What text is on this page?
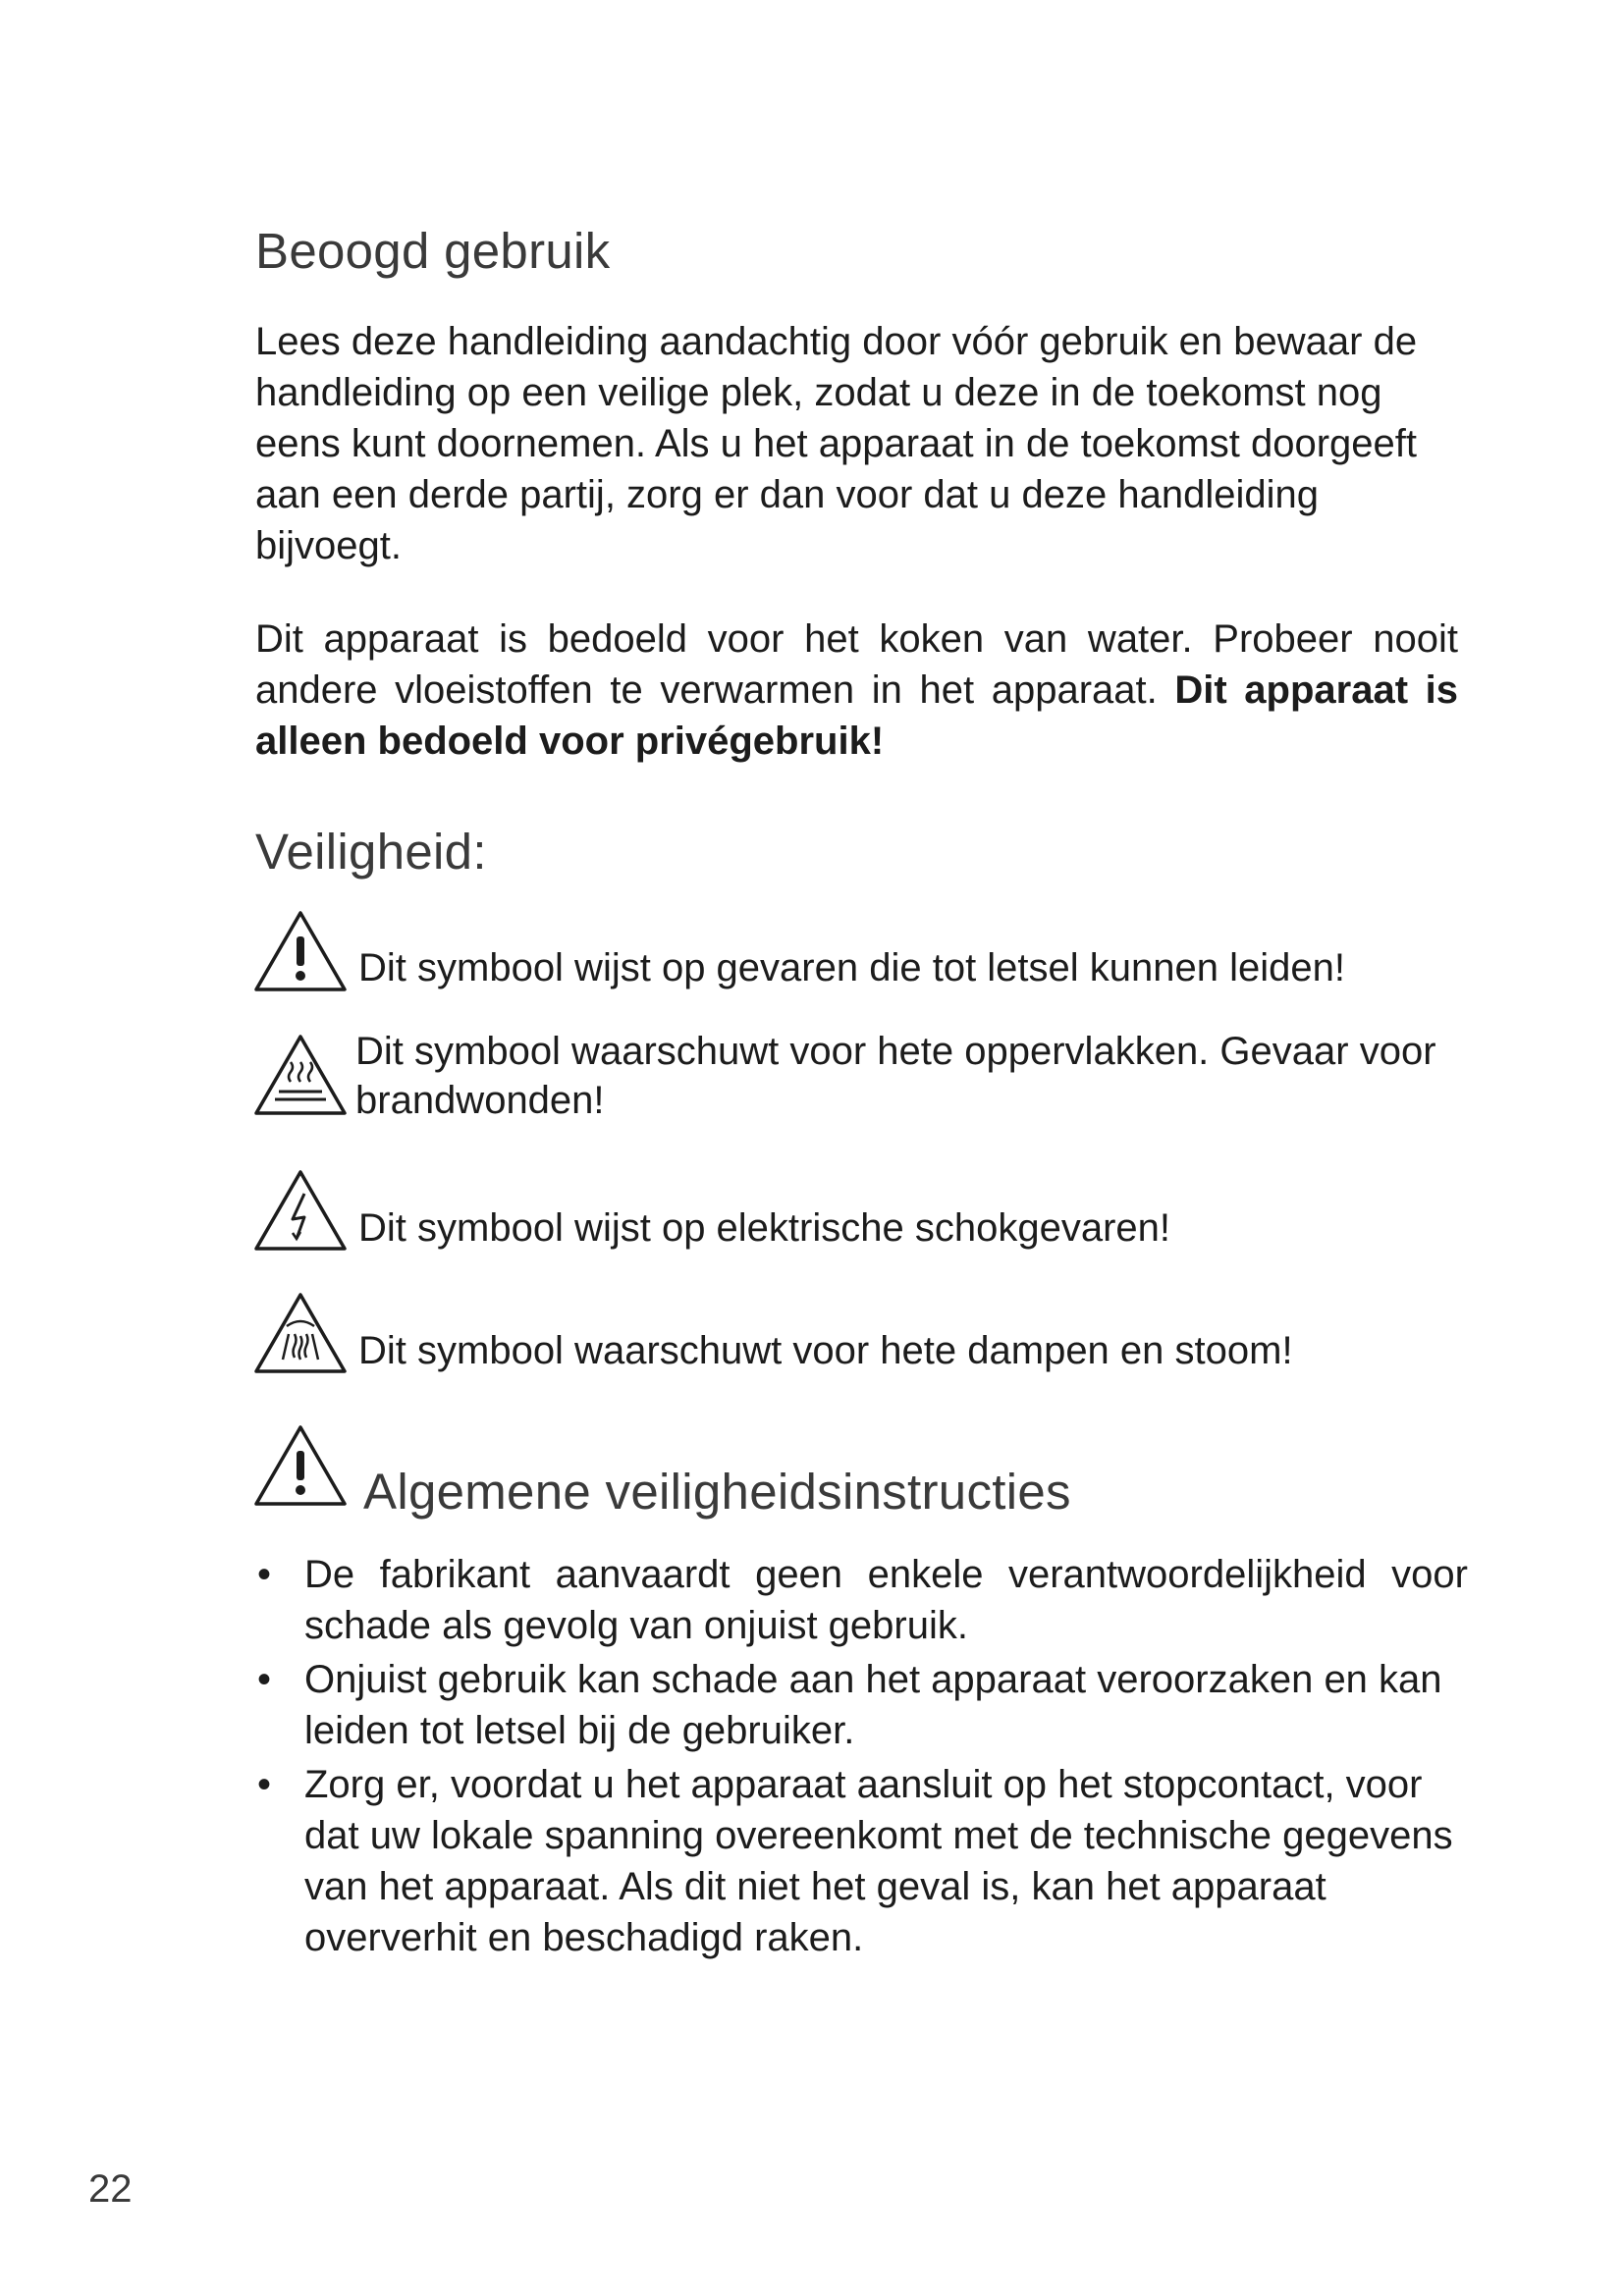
Beoogd gebruik

Lees deze handleiding aandachtig door vóór gebruik en bewaar de handleiding op een veilige plek, zodat u deze in de toekomst nog eens kunt doornemen. Als u het apparaat in de toekomst doorgeeft aan een derde partij, zorg er dan voor dat u deze handleiding bijvoegt.

Dit apparaat is bedoeld voor het koken van water. Probeer nooit andere vloeistoffen te verwarmen in het apparaat. Dit apparaat is alleen bedoeld voor privégebruik!

Veiligheid:

Dit symbool wijst op gevaren die tot letsel kunnen leiden!

Dit symbool waarschuwt voor hete oppervlakken. Gevaar voor brandwonden!

Dit symbool wijst op elektrische schokgevaren!

Dit symbool waarschuwt voor hete dampen en stoom!

Algemene veiligheidsinstructies
• De fabrikant aanvaardt geen enkele verantwoordelijkheid voor schade als gevolg van onjuist gebruik.
• Onjuist gebruik kan schade aan het apparaat veroorzaken en kan leiden tot letsel bij de gebruiker.
• Zorg er, voordat u het apparaat aansluit op het stopcontact, voor dat uw lokale spanning overeenkomt met de technische gegevens van het apparaat. Als dit niet het geval is, kan het apparaat oververhit en beschadigd raken.

22
